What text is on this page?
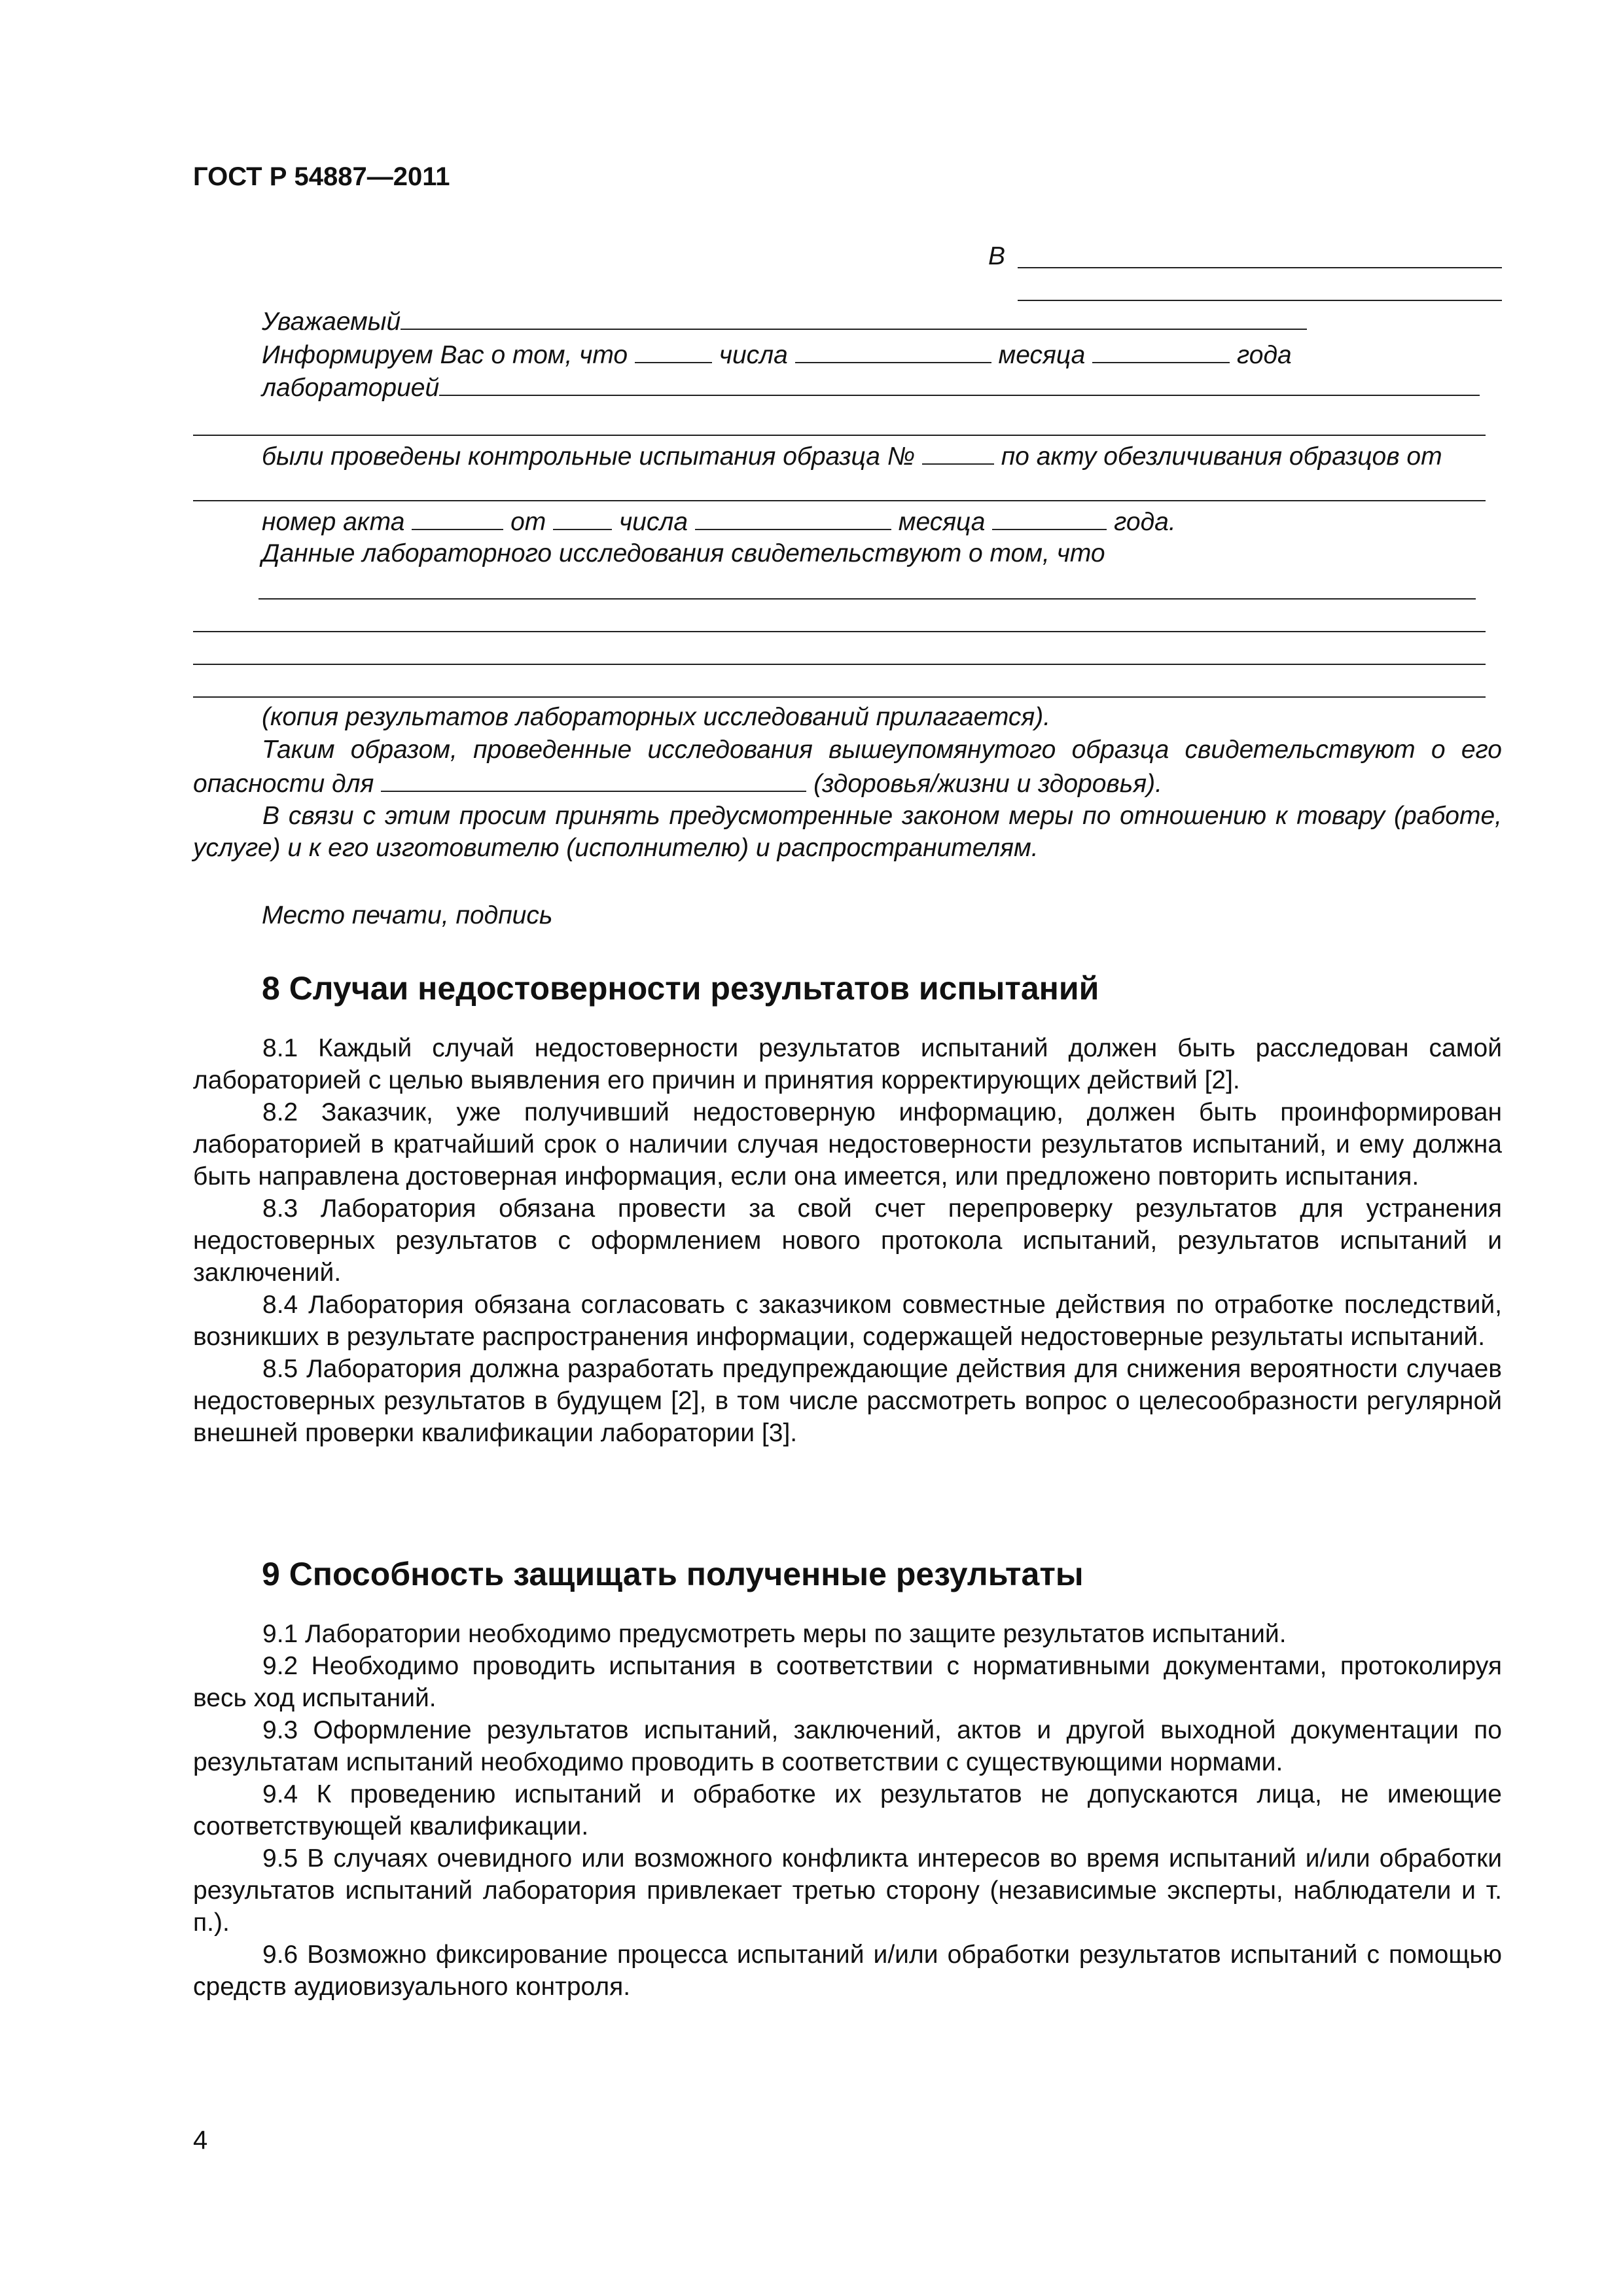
ГОСТ Р 54887—2011
В
Уважаемый
Информируем Вас о том, что	числа	месяца	года
лабораторией
были проведены контрольные испытания образца №	по акту обезличивания образцов от
номер акта	от	числа	месяца	года.
Данные лабораторного исследования свидетельствуют о том, что
(копия результатов лабораторных исследований прилагается).
Таким образом, проведенные исследования вышеупомянутого образца свидетельствуют о его
опасности для	(здоровья/жизни и здоровья).

В связи с этим просим принять предусмотренные законом меры по отношению к товару (работе, услуге) и к его изготовителю (исполнителю) и распространителям.

Место печати, подпись
8 Случаи недостоверности результатов испытаний

8.1 Каждый случай недостоверности результатов испытаний должен быть расследован самой лабораторией с целью выявления его причин и принятия корректирующих действий [2].

8.2 Заказчик, уже получивший недостоверную информацию, должен быть проинформирован лабораторией в кратчайший срок о наличии случая недостоверности результатов испытаний, и ему должна быть направлена достоверная информация, если она имеется, или предложено повторить испытания.

8.3 Лаборатория обязана провести за свой счет перепроверку результатов для устранения недостоверных результатов с оформлением нового протокола испытаний, результатов испытаний и заключений.

8.4 Лаборатория обязана согласовать с заказчиком совместные действия по отработке последствий, возникших в результате распространения информации, содержащей недостоверные результаты испытаний.

8.5 Лаборатория должна разработать предупреждающие действия для снижения вероятности случаев недостоверных результатов в будущем [2], в том числе рассмотреть вопрос о целесообразности регулярной внешней проверки квалификации лаборатории [3].

9 Способность защищать полученные результаты

9.1 Лаборатории необходимо предусмотреть меры по защите результатов испытаний.

9.2 Необходимо проводить испытания в соответствии с нормативными документами, протоколируя весь ход испытаний.

9.3 Оформление результатов испытаний, заключений, актов и другой выходной документации по результатам испытаний необходимо проводить в соответствии с существующими нормами.

9.4 К проведению испытаний и обработке их результатов не допускаются лица, не имеющие соответствующей квалификации.

9.5 В случаях очевидного или возможного конфликта интересов во время испытаний и/или обработки результатов испытаний лаборатория привлекает третью сторону (независимые эксперты, наблюдатели и т. п.).

9.6 Возможно фиксирование процесса испытаний и/или обработки результатов испытаний с помощью средств аудиовизуального контроля.

4
